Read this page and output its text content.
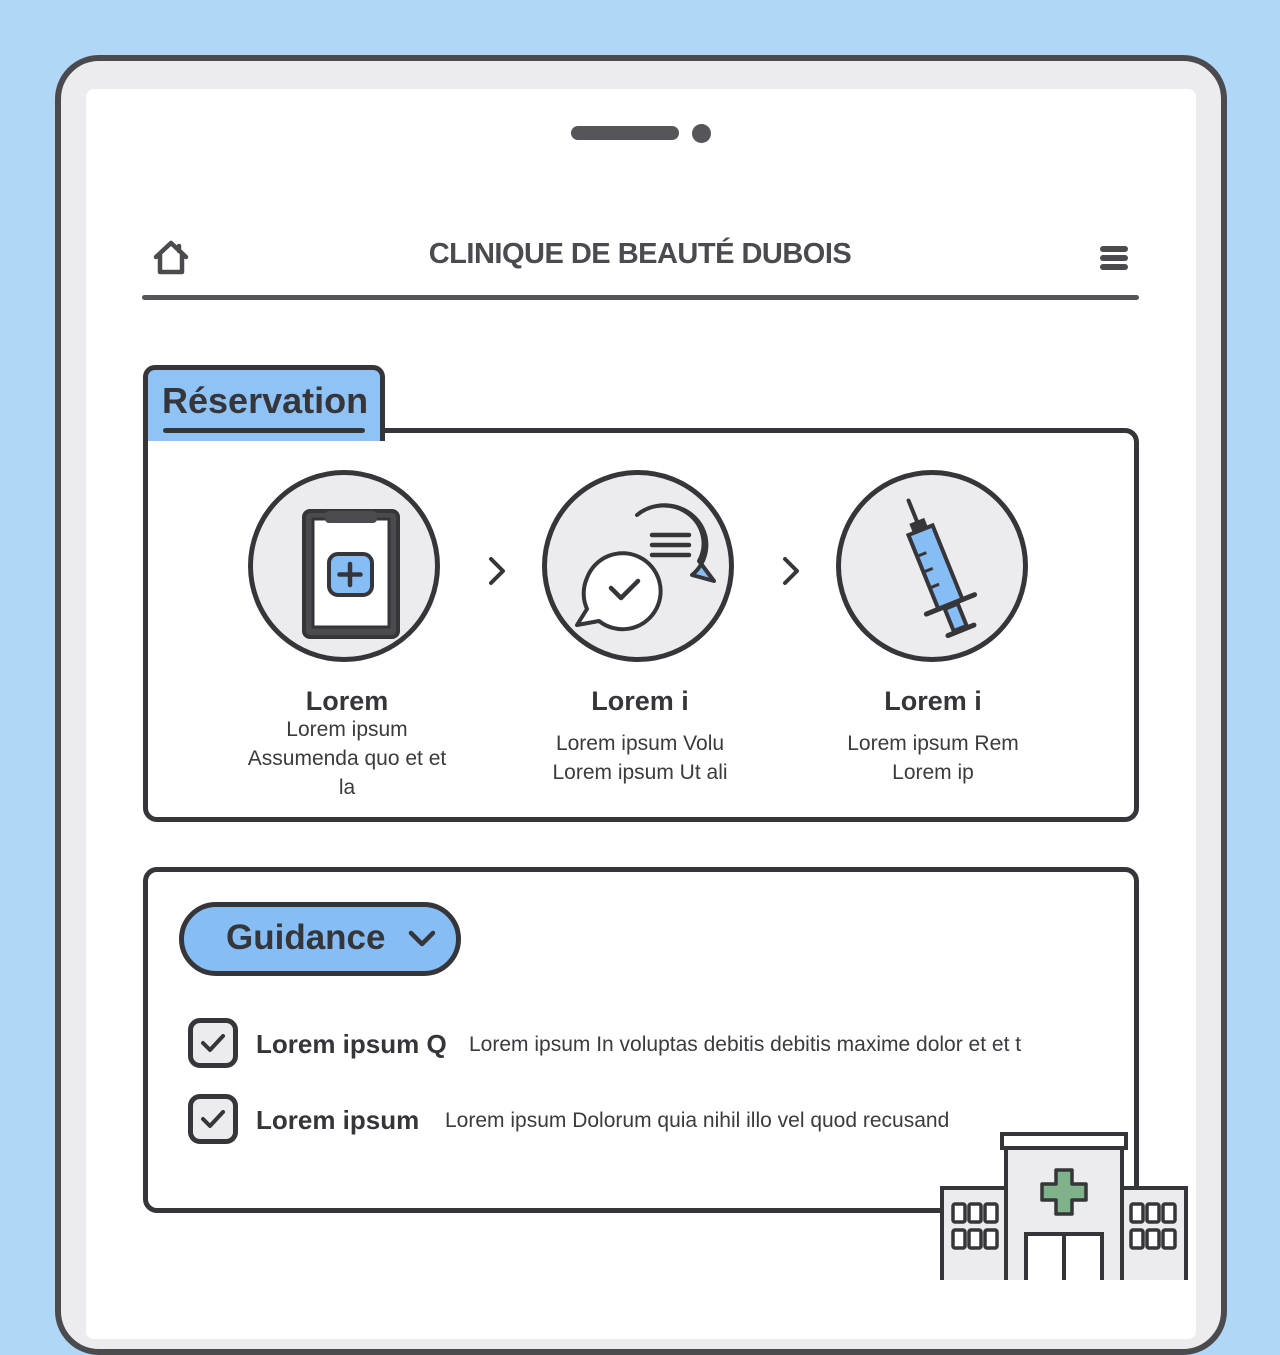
CLINIQUE DE BEAUTÉ DUBOIS
Réservation
Lorem
Lorem ipsum
Assumenda quo et et
la
Lorem i
Lorem ipsum Volu
Lorem ipsum Ut ali
Lorem i
Lorem ipsum Rem
Lorem ip
Guidance
Lorem ipsum Q Lorem ipsum In voluptas debitis debitis maxime dolor et et t
Lorem ipsum Lorem ipsum Dolorum quia nihil illo vel quod recusand
